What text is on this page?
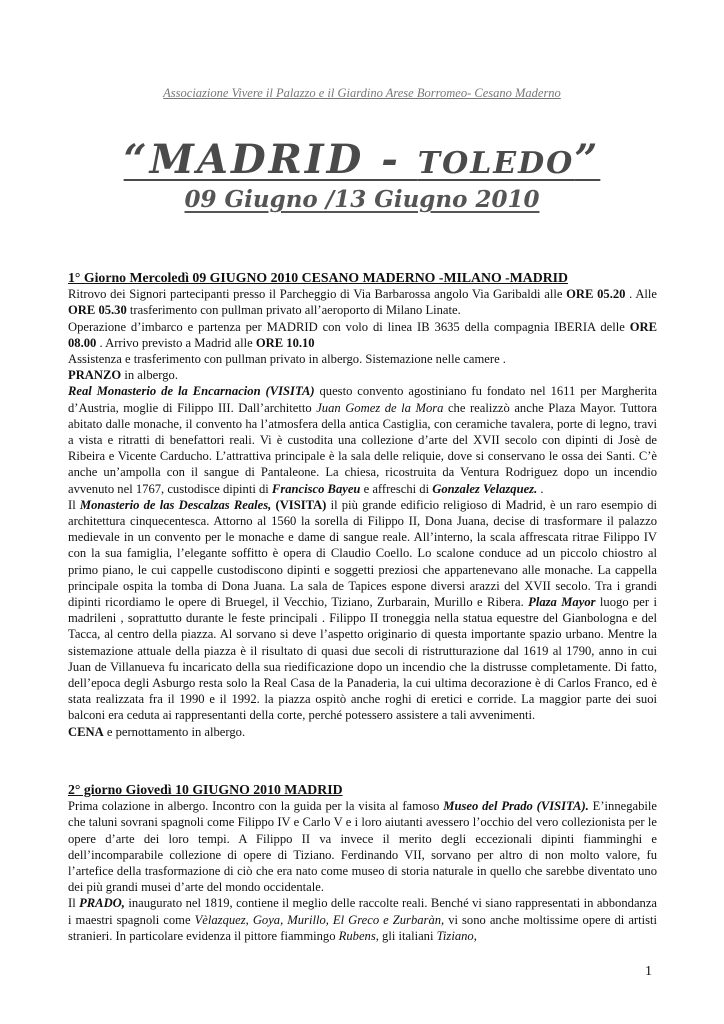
Associazione Vivere il Palazzo e il Giardino Arese Borromeo- Cesano Maderno
“MADRID - TOLEDO”
09 Giugno /13 Giugno 2010

1° Giorno Mercoledì 09 GIUGNO 2010 CESANO MADERNO -MILANO -MADRID

Ritrovo dei Signori partecipanti presso il Parcheggio di Via Barbarossa angolo Via Garibaldi alle ORE 05.20 . Alle ORE 05.30 trasferimento con pullman privato all’aeroporto di Milano Linate.

Operazione d’imbarco e partenza per MADRID con volo di linea IB 3635 della compagnia IBERIA delle ORE 08.00 . Arrivo previsto a Madrid alle ORE 10.10

Assistenza e trasferimento con pullman privato in albergo. Sistemazione nelle camere .

PRANZO in albergo.

Real Monasterio de la Encarnacion (VISITA) questo convento agostiniano fu fondato nel 1611 per Margherita d’Austria, moglie di Filippo III. Dall’architetto Juan Gomez de la Mora che realizzò anche Plaza Mayor. Tuttora abitato dalle monache, il convento ha l’atmosfera della antica Castiglia, con ceramiche tavalera, porte di legno, travi a vista e ritratti di benefattori reali. Vi è custodita una collezione d’arte del XVII secolo con dipinti di Josè de Ribeira e Vicente Carducho. L’attrattiva principale è la sala delle reliquie, dove si conservano le ossa dei Santi. C’è anche un’ampolla con il sangue di Pantaleone. La chiesa, ricostruita da Ventura Rodriguez dopo un incendio avvenuto nel 1767, custodisce dipinti di Francisco Bayeu e affreschi di Gonzalez Velazquez. .

Il Monasterio de las Descalzas Reales, (VISITA) il più grande edificio religioso di Madrid, è un raro esempio di architettura cinquecentesca. Attorno al 1560 la sorella di Filippo II, Dona Juana, decise di trasformare il palazzo medievale in un convento per le monache e dame di sangue reale. All’interno, la scala affrescata ritrae Filippo IV con la sua famiglia, l’elegante soffitto è opera di Claudio Coello. Lo scalone conduce ad un piccolo chiostro al primo piano, le cui cappelle custodiscono dipinti e soggetti preziosi che appartenevano alle monache. La cappella principale ospita la tomba di Dona Juana. La sala de Tapices espone diversi arazzi del XVII secolo. Tra i grandi dipinti ricordiamo le opere di Bruegel, il Vecchio, Tiziano, Zurbarain, Murillo e Ribera. Plaza Mayor luogo per i madrileni , soprattutto durante le feste principali . Filippo II troneggia nella statua equestre del Gianbologna e del Tacca, al centro della piazza. Al sorvano si deve l’aspetto originario di questa importante spazio urbano. Mentre la sistemazione attuale della piazza è il risultato di quasi due secoli di ristrutturazione dal 1619 al 1790, anno in cui Juan de Villanueva fu incaricato della sua riedificazione dopo un incendio che la distrusse completamente. Di fatto, dell’epoca degli Asburgo resta solo la Real Casa de la Panaderia, la cui ultima decorazione è di Carlos Franco, ed è stata realizzata fra il 1990 e il 1992. la piazza ospitò anche roghi di eretici e corride. La maggior parte dei suoi balconi era ceduta ai rappresentanti della corte, perché potessero assistere a tali avvenimenti.

CENA e pernottamento in albergo.

2° giorno Giovedì 10 GIUGNO 2010 MADRID

Prima colazione in albergo. Incontro con la guida per la visita al famoso Museo del Prado (VISITA). E’innegabile che taluni sovrani spagnoli come Filippo IV e Carlo V e i loro aiutanti avessero l’occhio del vero collezionista per le opere d’arte dei loro tempi. A Filippo II va invece il merito degli eccezionali dipinti fiamminghi e dell’incomparabile collezione di opere di Tiziano. Ferdinando VII, sorvano per altro di non molto valore, fu l’artefice della trasformazione di ciò che era nato come museo di storia naturale in quello che sarebbe diventato uno dei più grandi musei d’arte del mondo occidentale.

Il PRADO, inaugurato nel 1819, contiene il meglio delle raccolte reali. Benché vi siano rappresentati in abbondanza i maestri spagnoli come Vèlazquez, Goya, Murillo, El Greco e Zurbaràn, vi sono anche moltissime opere di artisti stranieri. In particolare evidenza il pittore fiammingo Rubens, gli italiani Tiziano,

1
